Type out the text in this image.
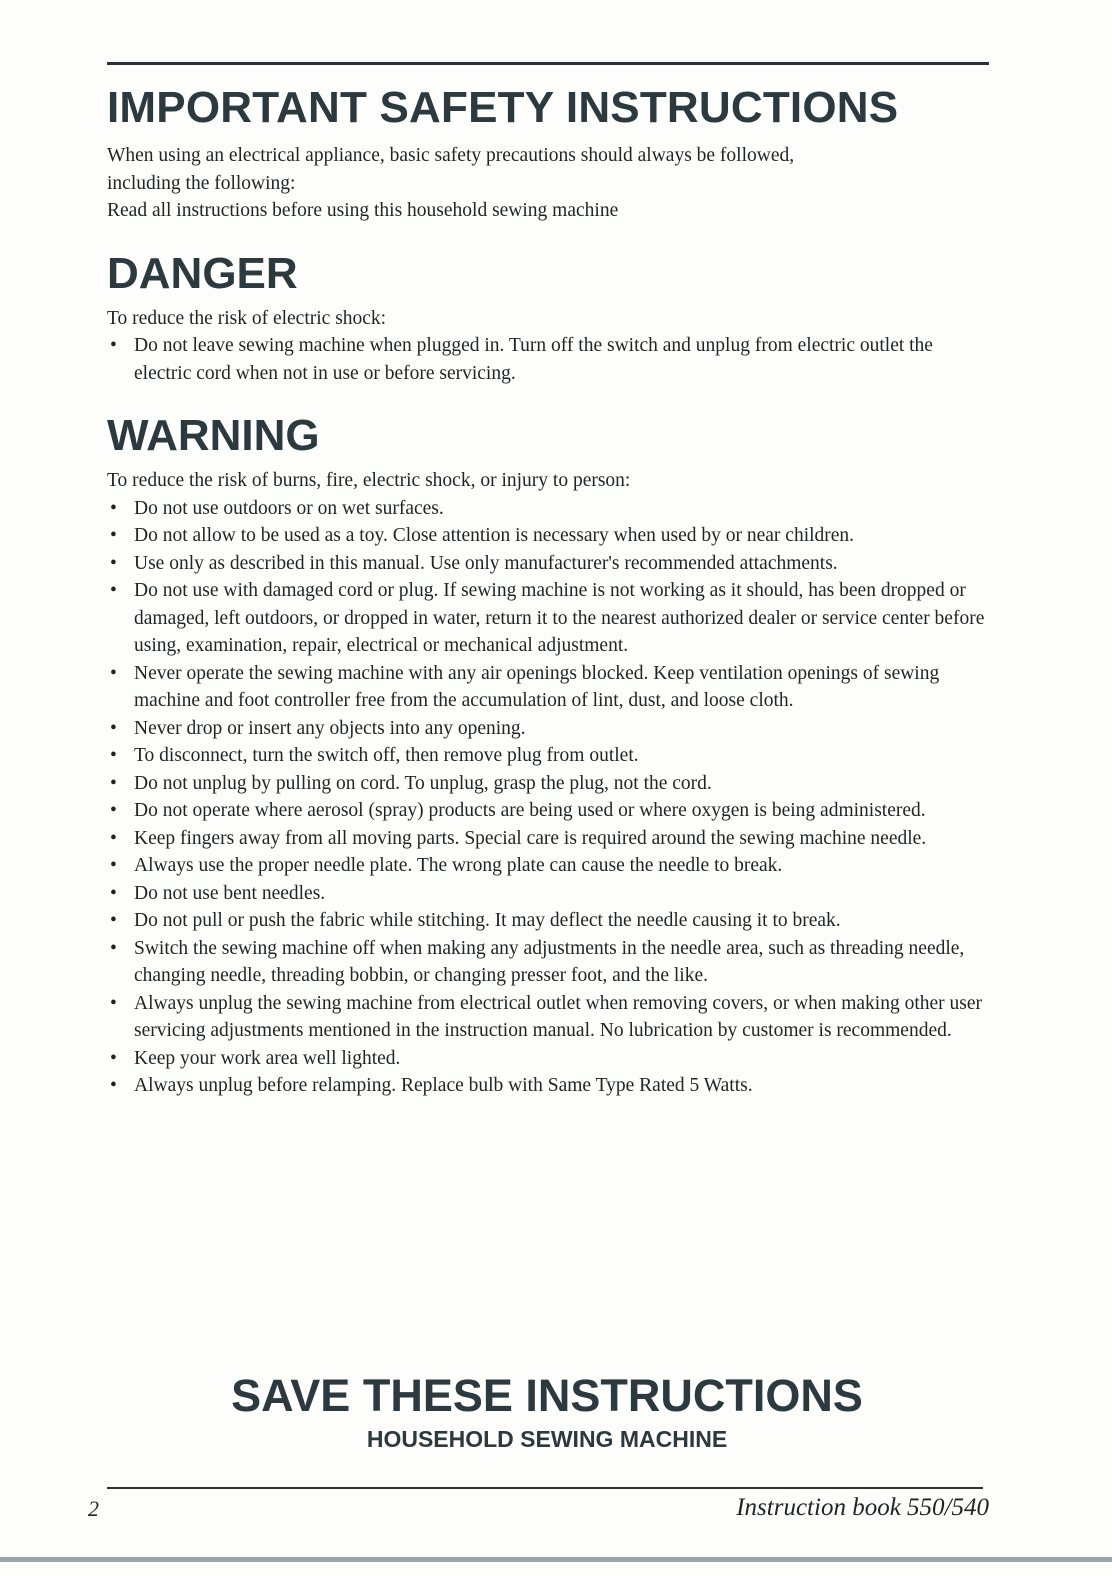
IMPORTANT SAFETY INSTRUCTIONS

When using an electrical appliance, basic safety precautions should always be followed,

including the following:

Read all instructions before using this household sewing machine

DANGER

To reduce the risk of electric shock:

• Do not leave sewing machine when plugged in. Turn off the switch and unplug from electric outlet the electric cord when not in use or before servicing.
WARNING

To reduce the risk of burns, fire, electric shock, or injury to person:

• Do not use outdoors or on wet surfaces.
• Do not allow to be used as a toy. Close attention is necessary when used by or near children.
• Use only as described in this manual. Use only manufacturer's recommended attachments.
• Do not use with damaged cord or plug. If sewing machine is not working as it should, has been dropped or damaged, left outdoors, or dropped in water, return it to the nearest authorized dealer or service center before using, examination, repair, electrical or mechanical adjustment.
• Never operate the sewing machine with any air openings blocked. Keep ventilation openings of sewing machine and foot controller free from the accumulation of lint, dust, and loose cloth.
• Never drop or insert any objects into any opening.
• To disconnect, turn the switch off, then remove plug from outlet.
• Do not unplug by pulling on cord. To unplug, grasp the plug, not the cord.
• Do not operate where aerosol (spray) products are being used or where oxygen is being administered.
• Keep fingers away from all moving parts. Special care is required around the sewing machine needle.
• Always use the proper needle plate. The wrong plate can cause the needle to break.
• Do not use bent needles.
• Do not pull or push the fabric while stitching. It may deflect the needle causing it to break.
• Switch the sewing machine off when making any adjustments in the needle area, such as threading needle, changing needle, threading bobbin, or changing presser foot, and the like.
• Always unplug the sewing machine from electrical outlet when removing covers, or when making other user servicing adjustments mentioned in the instruction manual. No lubrication by customer is recommended.
• Keep your work area well lighted.
• Always unplug before relamping. Replace bulb with Same Type Rated 5 Watts.

SAVE THESE INSTRUCTIONS

HOUSEHOLD SEWING MACHINE

2	Instruction book 550/540
